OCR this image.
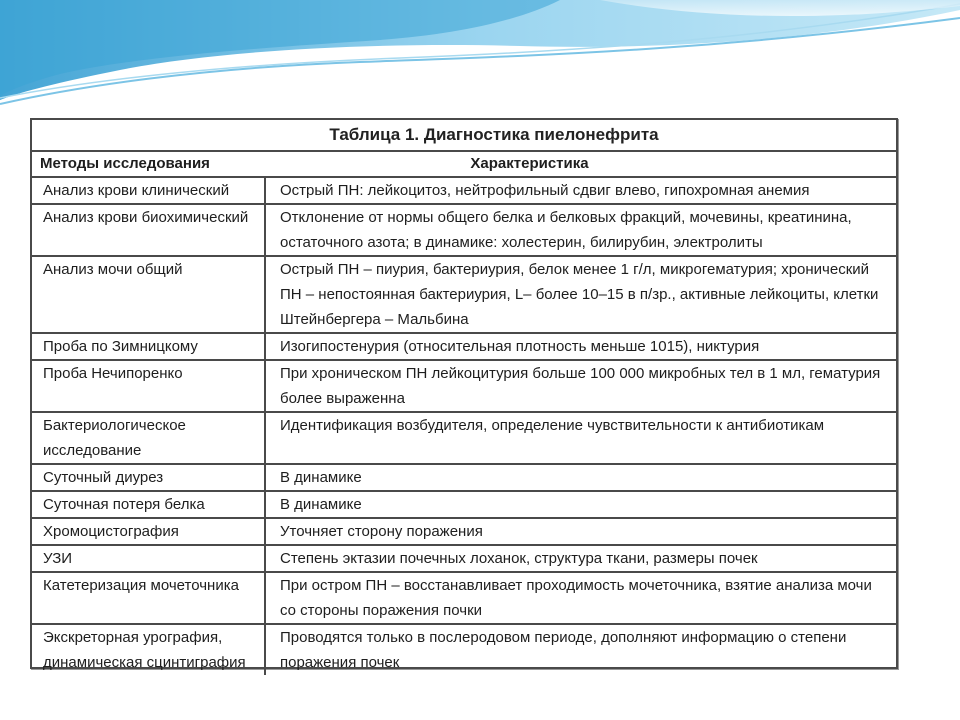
Таблица 1. Диагностика пиелонефрита
Методы исследования	Характеристика
Анализ крови клинический	Острый ПН: лейкоцитоз, нейтрофильный сдвиг влево, гипохромная анемия
Анализ крови биохимический	Отклонение от нормы общего белка и белковых фракций, мочевины, креатинина, остаточного азота; в динамике: холестерин, билирубин, электролиты
Анализ мочи общий	Острый ПН – пиурия, бактериурия, белок менее 1 г/л, микрогематурия; хронический ПН – непостоянная бактериурия, L– более 10–15 в п/зр., активные лейкоциты, клетки Штейнбергера – Мальбина
Проба по Зимницкому	Изогипостенурия (относительная плотность меньше 1015), никтурия
Проба Нечипоренко	При хроническом ПН лейкоцитурия больше 100 000 микробных тел в 1 мл, гематурия более выраженна
Бактериологическое исследование	Идентификация возбудителя, определение чувствительности к антибиотикам
Суточный диурез	В динамике
Суточная потеря белка	В динамике
Хромоцистография	Уточняет сторону поражения
УЗИ	Степень эктазии почечных лоханок, структура ткани, размеры почек
Катетеризация мочеточника	При остром ПН – восстанавливает проходимость мочеточника, взятие анализа мочи со стороны поражения почки
Экскреторная урография, динамическая сцинтиграфия	Проводятся только в послеродовом периоде, дополняют информацию о степени поражения почек
